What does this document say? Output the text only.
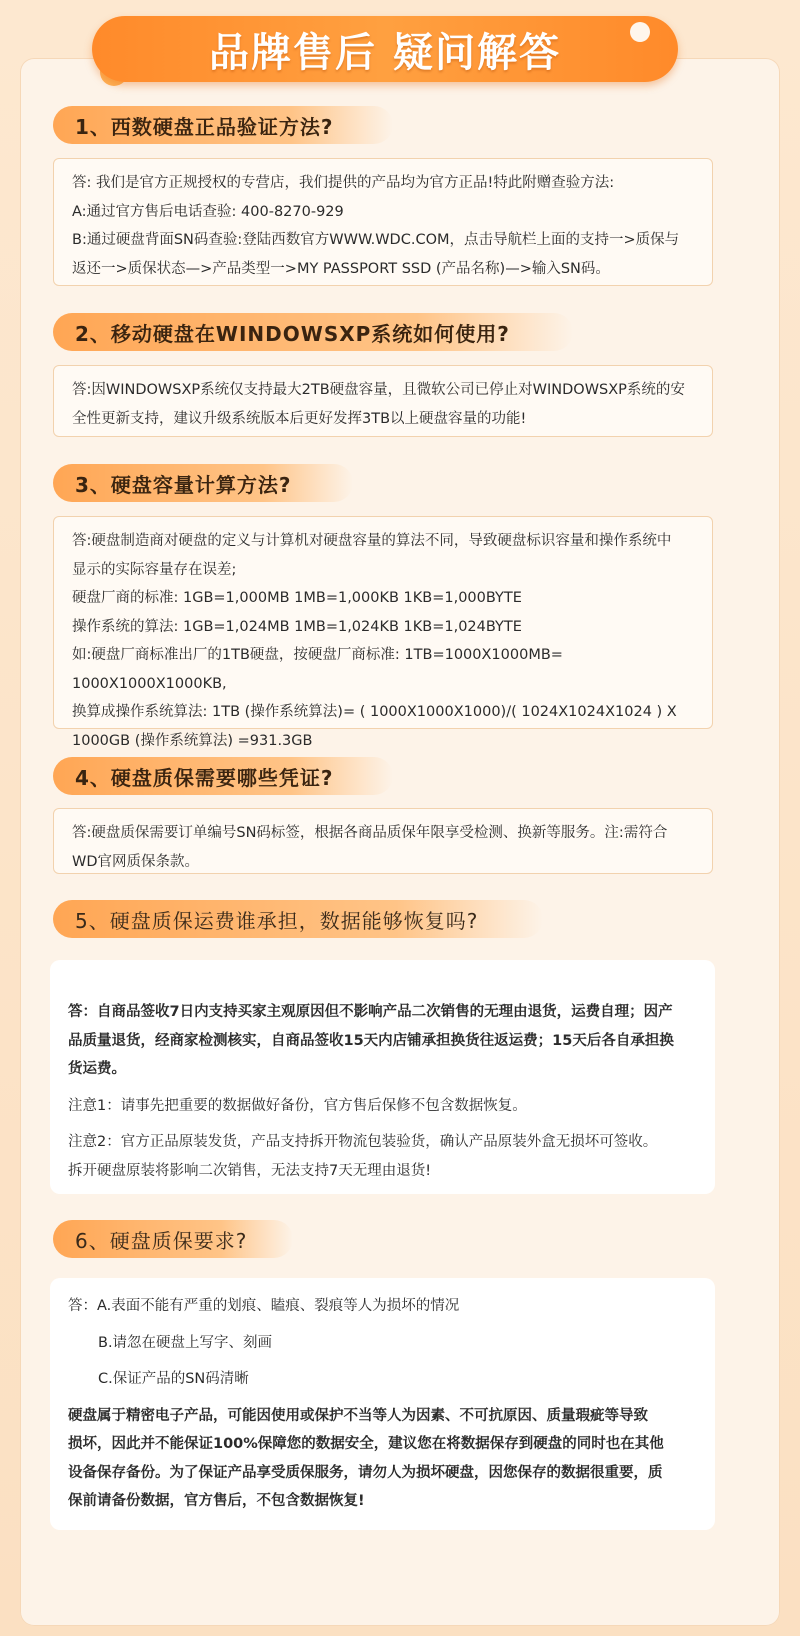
品牌售后 疑问解答
1、西数硬盘正品验证方法?

答: 我们是官方正规授权的专营店，我们提供的产品均为官方正品!特此附赠查验方法:

A:通过官方售后电话查验: 400-8270-929

B:通过硬盘背面SN码查验:登陆西数官方WWW.WDC.COM，点击导航栏上面的支持一>质保与

返还一>质保状态—>产品类型一>MY PASSPORT SSD (产品名称)—>输入SN码。

2、移动硬盘在WINDOWSXP系统如何使用?

答:因WINDOWSXP系统仅支持最大2TB硬盘容量，且微软公司已停止对WINDOWSXP系统的安

全性更新支持，建议升级系统版本后更好发挥3TB以上硬盘容量的功能!

3、硬盘容量计算方法?

答:硬盘制造商对硬盘的定义与计算机对硬盘容量的算法不同，导致硬盘标识容量和操作系统中

显示的实际容量存在误差;

硬盘厂商的标准: 1GB=1,000MB 1MB=1,000KB 1KB=1,000BYTE

操作系统的算法: 1GB=1,024MB 1MB=1,024KB 1KB=1,024BYTE

如:硬盘厂商标准出厂的1TB硬盘，按硬盘厂商标准: 1TB=1000X1000MB= 1000X1000X1000KB,

换算成操作系统算法: 1TB (操作系统算法)= ( 1000X1000X1000)/( 1024X1024X1024 ) X

1000GB (操作系统算法) =931.3GB

4、硬盘质保需要哪些凭证?

答:硬盘质保需要订单编号SN码标签，根据各商品质保年限享受检测、换新等服务。注:需符合

WD官网质保条款。

5、硬盘质保运费谁承担，数据能够恢复吗?

答：自商品签收7日内支持买家主观原因但不影响产品二次销售的无理由退货，运费自理；因产

品质量退货，经商家检测核实，自商品签收15天内店铺承担换货往返运费；15天后各自承担换

货运费。

注意1：请事先把重要的数据做好备份，官方售后保修不包含数据恢复。

注意2：官方正品原装发货，产品支持拆开物流包装验货，确认产品原装外盒无损坏可签收。

拆开硬盘原装将影响二次销售，无法支持7天无理由退货!

6、硬盘质保要求?

答：A.表面不能有严重的划痕、瞌痕、裂痕等人为损坏的情况

B.请忽在硬盘上写字、刻画

C.保证产品的SN码清晰

硬盘属于精密电子产品，可能因使用或保护不当等人为因素、不可抗原因、质量瑕疵等导致

损坏，因此并不能保证100%保障您的数据安全，建议您在将数据保存到硬盘的同时也在其他

设备保存备份。为了保证产品享受质保服务，请勿人为损坏硬盘，因您保存的数据很重要，质

保前请备份数据，官方售后，不包含数据恢复!
